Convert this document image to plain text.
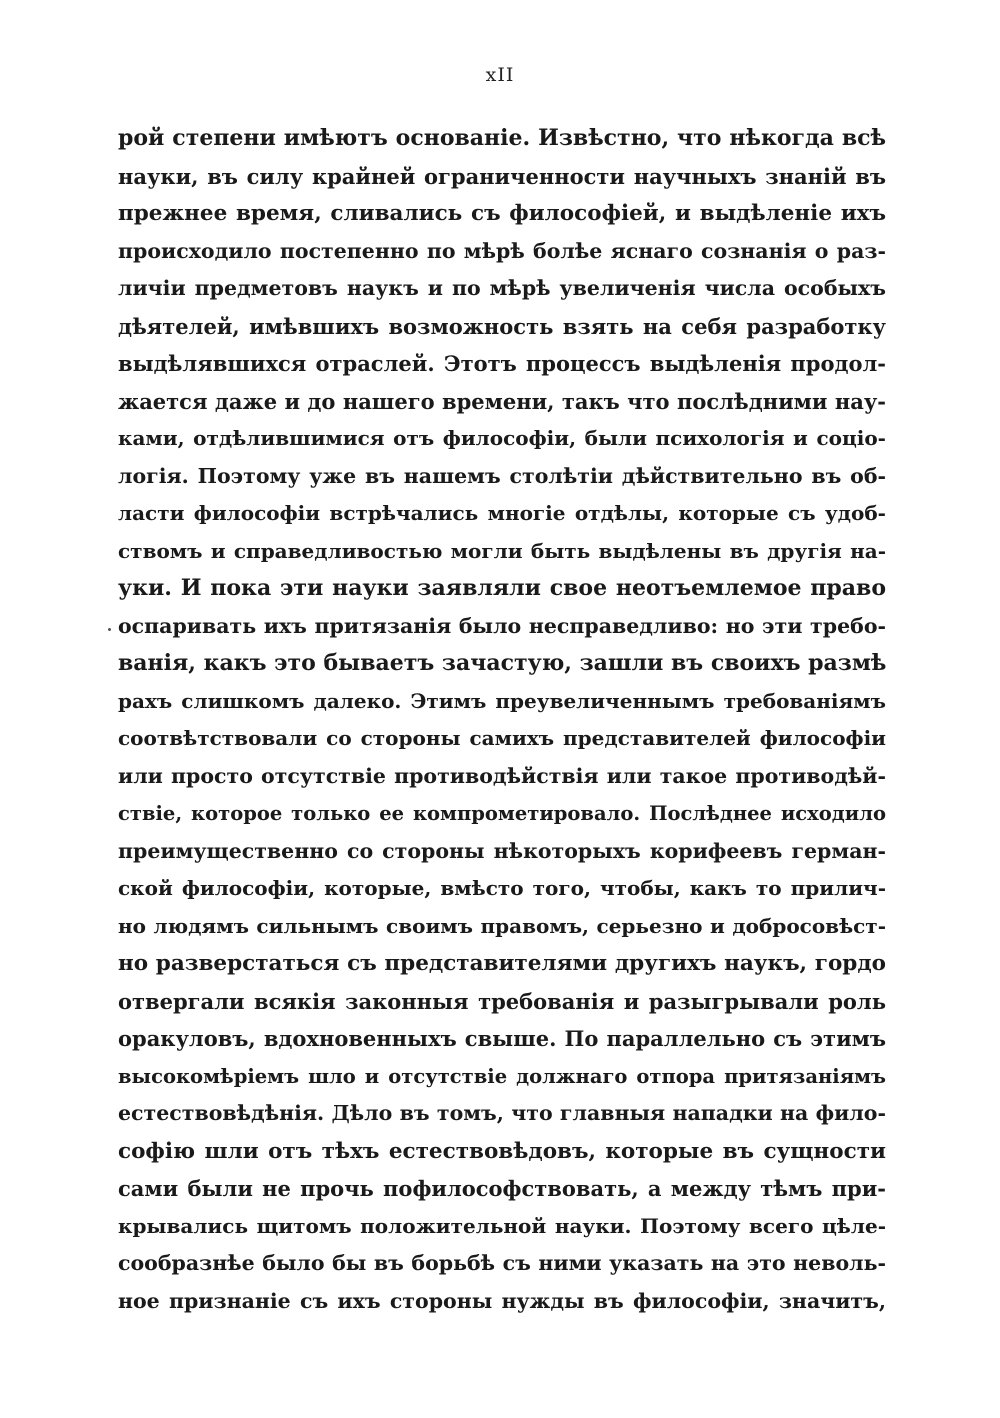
xII
рой степени имѣютъ основаніе. Извѣстно, что нѣкогда всѣ
науки, въ силу крайней ограниченности научныхъ знаній въ
прежнее время, сливались съ философіей, и выдѣленіе ихъ
происходило постепенно по мѣрѣ болѣе яснаго сознанія о раз-
личіи предметовъ наукъ и по мѣрѣ увеличенія числа особыхъ
дѣятелей, имѣвшихъ возможность взять на себя разработку
выдѣлявшихся отраслей. Этотъ процессъ выдѣленія продол-
жается даже и до нашего времени, такъ что послѣдними нау-
ками, отдѣлившимися отъ философіи, были психологія и соціо-
логія. Поэтому уже въ нашемъ столѣтіи дѣйствительно въ об-
ласти философіи встрѣчались многіе отдѣлы, которые съ удоб-
ствомъ и справедливостью могли быть выдѣлены въ другія на-
уки. И пока эти науки заявляли свое неотъемлемое право
оспаривать ихъ притязанія было несправедливо: но эти требо-
ванія, какъ это бываетъ зачастую, зашли въ своихъ размѣ
рахъ слишкомъ далеко. Этимъ преувеличеннымъ требованіямъ
соотвѣтствовали со стороны самихъ представителей философіи
или просто отсутствіе противодѣйствія или такое противодѣй-
ствіе, которое только ее компрометировало. Послѣднее исходило
преимущественно со стороны нѣкоторыхъ корифеевъ герман-
ской философіи, которые, вмѣсто того, чтобы, какъ то прилич-
но людямъ сильнымъ своимъ правомъ, серьезно и добросовѣст-
но разверстаться съ представителями другихъ наукъ, гордо
отвергали всякія законныя требованія и разыгрывали роль
оракуловъ, вдохновенныхъ свыше. По параллельно съ этимъ
высокомѣріемъ шло и отсутствіе должнаго отпора притязаніямъ
естествовѣдѣнія. Дѣло въ томъ, что главныя нападки на фило-
софію шли отъ тѣхъ естествовѣдовъ, которые въ сущности
сами были не прочь пофилософствовать, а между тѣмъ при-
крывались щитомъ положительной науки. Поэтому всего цѣле-
сообразнѣе было бы въ борьбѣ съ ними указать на это неволь-
ное признаніе съ ихъ стороны нужды въ философіи, значитъ,
